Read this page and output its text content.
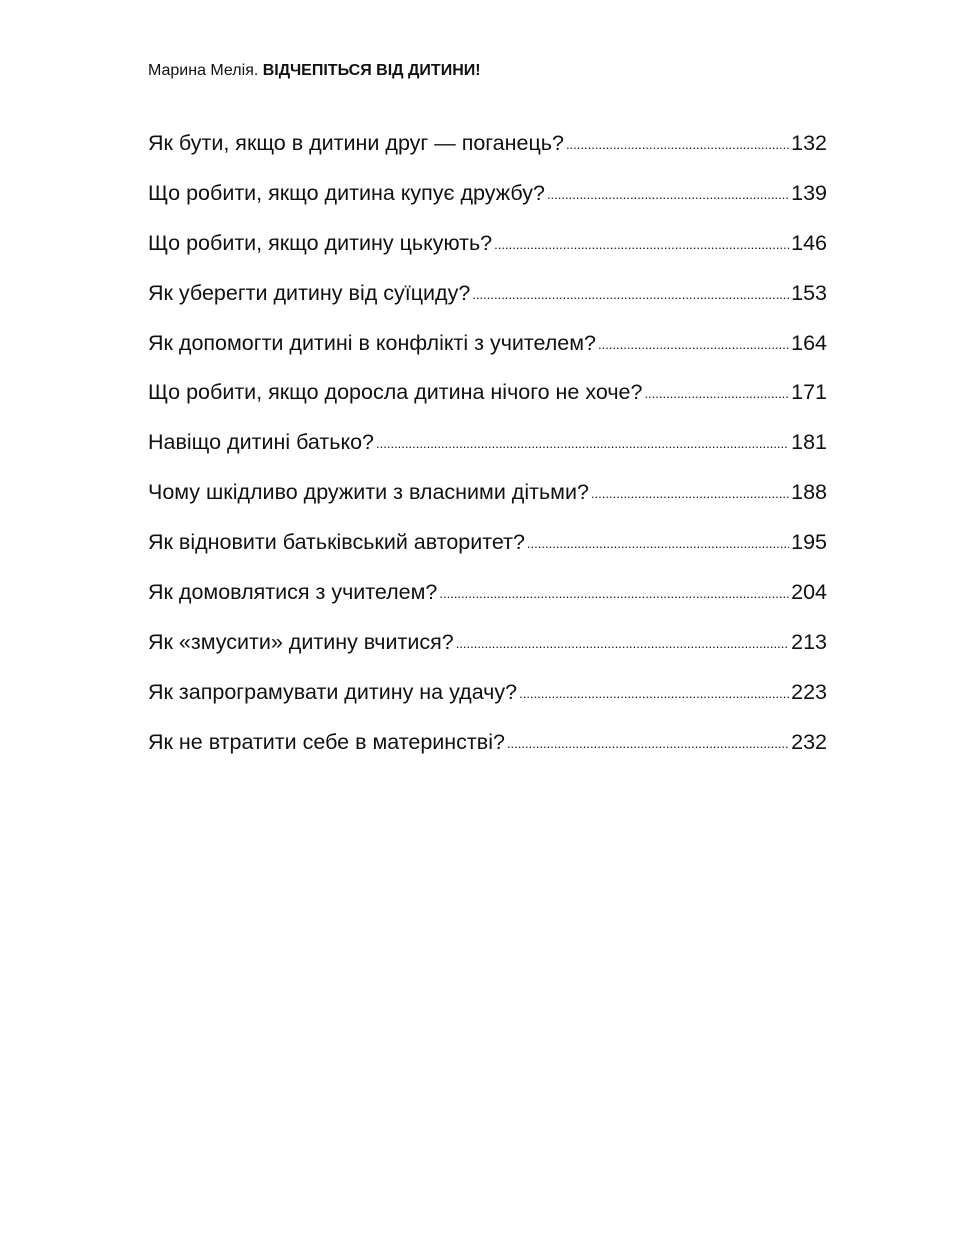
Марина Мелія. ВІДЧЕПІТЬСЯ ВІД ДИТИНИ!
Як бути, якщо в дитини друг — поганець? .....	132
Що робити, якщо дитина купує дружбу? .....	139
Що робити, якщо дитину цькують? .....	146
Як уберегти дитину від суїциду? .....	153
Як допомогти дитині в конфлікті з учителем? .....	164
Що робити, якщо доросла дитина нічого не хоче? .....	171
Навіщо дитині батько? .....	181
Чому шкідливо дружити з власними дітьми? .....	188
Як відновити батьківський авторитет? .....	195
Як домовлятися з учителем? .....	204
Як «змусити» дитину вчитися? .....	213
Як запрограмувати дитину на удачу? .....	223
Як не втратити себе в материнстві? .....	232
